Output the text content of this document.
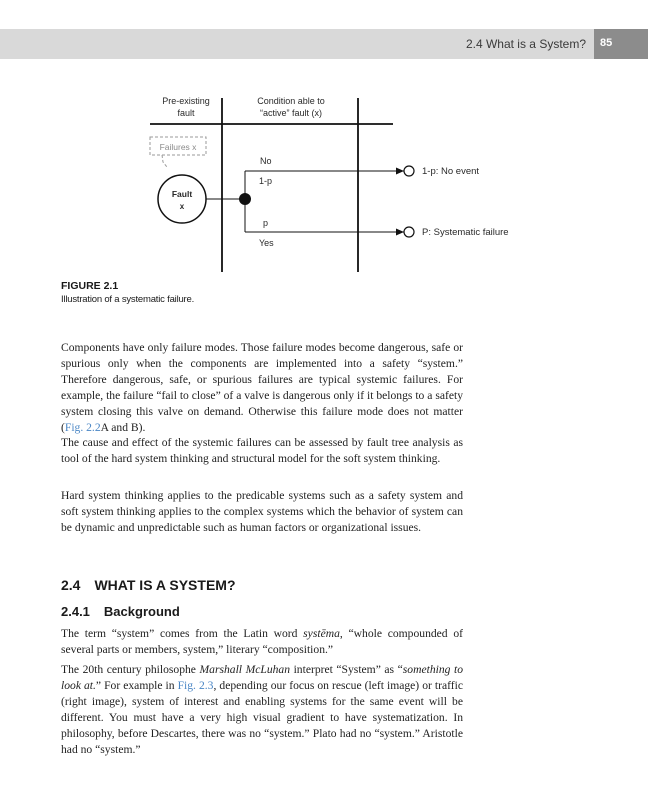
2.4 What is a System? 85
Pre-existing
fault
Condition able to
“active” fault (x)
Failures x
Fault
x
No
1-p
p
Yes
1-p: No event
P: Systematic failure
FIGURE 2.1
Illustration of a systematic failure.

Components have only failure modes. Those failure modes become dangerous, safe or spurious only when the components are implemented into a safety “system.” Therefore dangerous, safe, or spurious failures are typical systemic failures. For example, the failure “fail to close” of a valve is dangerous only if it belongs to a safety system closing this valve on demand. Otherwise this failure mode does not matter (Fig. 2.2A and B).

The cause and effect of the systemic failures can be assessed by fault tree analysis as tool of the hard system thinking and structural model for the soft system thinking.

Hard system thinking applies to the predicable systems such as a safety system and soft system thinking applies to the complex systems which the behavior of system can be dynamic and unpredictable such as human factors or organizational issues.

2.4 WHAT IS A SYSTEM?
2.4.1 Background

The term “system” comes from the Latin word systēma, “whole compounded of several parts or members, system,” literary “composition.”

The 20th century philosophe Marshall McLuhan interpret “System” as “something to look at.” For example in Fig. 2.3, depending our focus on rescue (left image) or traffic (right image), system of interest and enabling systems for the same event will be different. You must have a very high visual gradient to have systematization. In philosophy, before Descartes, there was no “system.” Plato had no “system.” Aristotle had no “system.”
